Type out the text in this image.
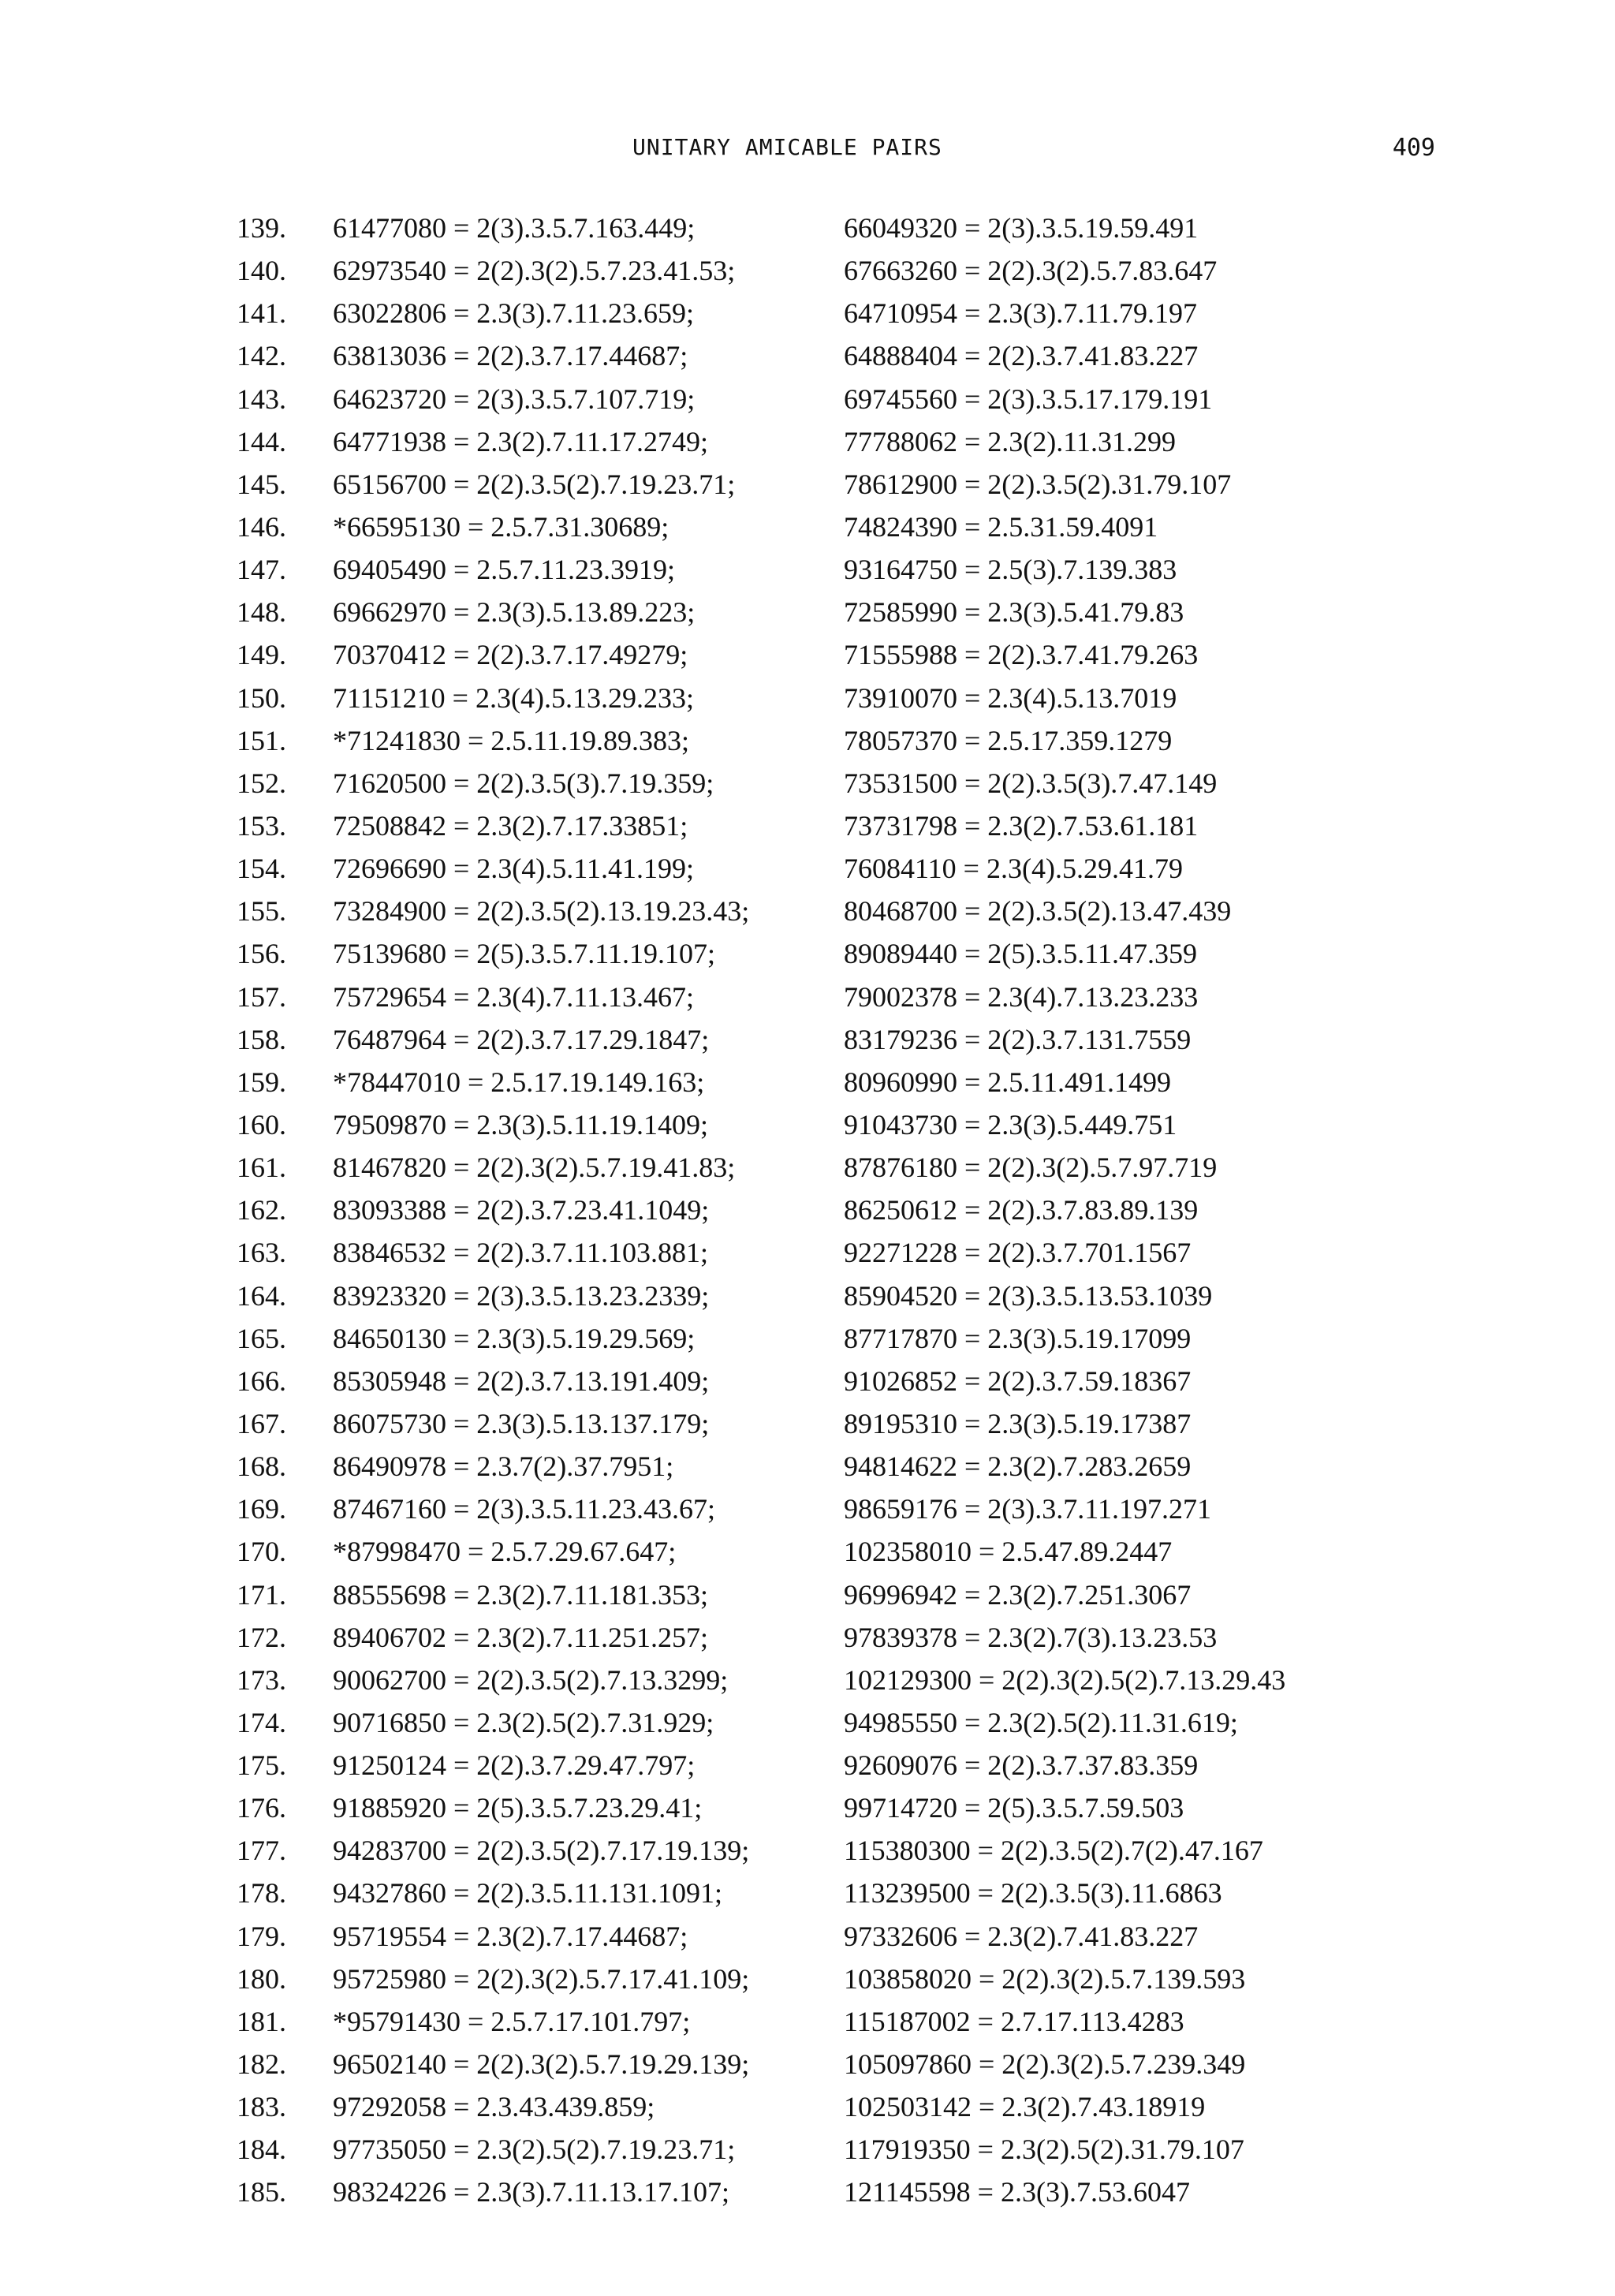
UNITARY AMICABLE PAIRS	409
139. 61477080 = 2(3).3.5.7.163.449;	66049320 = 2(3).3.5.19.59.491
140. 62973540 = 2(2).3(2).5.7.23.41.53;	67663260 = 2(2).3(2).5.7.83.647
141. 63022806 = 2.3(3).7.11.23.659;	64710954 = 2.3(3).7.11.79.197
142. 63813036 = 2(2).3.7.17.44687;	64888404 = 2(2).3.7.41.83.227
143. 64623720 = 2(3).3.5.7.107.719;	69745560 = 2(3).3.5.17.179.191
144. 64771938 = 2.3(2).7.11.17.2749;	77788062 = 2.3(2).11.31.299
145. 65156700 = 2(2).3.5(2).7.19.23.71;	78612900 = 2(2).3.5(2).31.79.107
146. *66595130 = 2.5.7.31.30689;	74824390 = 2.5.31.59.4091
147. 69405490 = 2.5.7.11.23.3919;	93164750 = 2.5(3).7.139.383
148. 69662970 = 2.3(3).5.13.89.223;	72585990 = 2.3(3).5.41.79.83
149. 70370412 = 2(2).3.7.17.49279;	71555988 = 2(2).3.7.41.79.263
150. 71151210 = 2.3(4).5.13.29.233;	73910070 = 2.3(4).5.13.7019
151. *71241830 = 2.5.11.19.89.383;	78057370 = 2.5.17.359.1279
152. 71620500 = 2(2).3.5(3).7.19.359;	73531500 = 2(2).3.5(3).7.47.149
153. 72508842 = 2.3(2).7.17.33851;	73731798 = 2.3(2).7.53.61.181
154. 72696690 = 2.3(4).5.11.41.199;	76084110 = 2.3(4).5.29.41.79
155. 73284900 = 2(2).3.5(2).13.19.23.43;	80468700 = 2(2).3.5(2).13.47.439
156. 75139680 = 2(5).3.5.7.11.19.107;	89089440 = 2(5).3.5.11.47.359
157. 75729654 = 2.3(4).7.11.13.467;	79002378 = 2.3(4).7.13.23.233
158. 76487964 = 2(2).3.7.17.29.1847;	83179236 = 2(2).3.7.131.7559
159. *78447010 = 2.5.17.19.149.163;	80960990 = 2.5.11.491.1499
160. 79509870 = 2.3(3).5.11.19.1409;	91043730 = 2.3(3).5.449.751
161. 81467820 = 2(2).3(2).5.7.19.41.83;	87876180 = 2(2).3(2).5.7.97.719
162. 83093388 = 2(2).3.7.23.41.1049;	86250612 = 2(2).3.7.83.89.139
163. 83846532 = 2(2).3.7.11.103.881;	92271228 = 2(2).3.7.701.1567
164. 83923320 = 2(3).3.5.13.23.2339;	85904520 = 2(3).3.5.13.53.1039
165. 84650130 = 2.3(3).5.19.29.569;	87717870 = 2.3(3).5.19.17099
166. 85305948 = 2(2).3.7.13.191.409;	91026852 = 2(2).3.7.59.18367
167. 86075730 = 2.3(3).5.13.137.179;	89195310 = 2.3(3).5.19.17387
168. 86490978 = 2.3.7(2).37.7951;	94814622 = 2.3(2).7.283.2659
169. 87467160 = 2(3).3.5.11.23.43.67;	98659176 = 2(3).3.7.11.197.271
170. *87998470 = 2.5.7.29.67.647;	102358010 = 2.5.47.89.2447
171. 88555698 = 2.3(2).7.11.181.353;	96996942 = 2.3(2).7.251.3067
172. 89406702 = 2.3(2).7.11.251.257;	97839378 = 2.3(2).7(3).13.23.53
173. 90062700 = 2(2).3.5(2).7.13.3299;	102129300 = 2(2).3(2).5(2).7.13.29.43
174. 90716850 = 2.3(2).5(2).7.31.929;	94985550 = 2.3(2).5(2).11.31.619;
175. 91250124 = 2(2).3.7.29.47.797;	92609076 = 2(2).3.7.37.83.359
176. 91885920 = 2(5).3.5.7.23.29.41;	99714720 = 2(5).3.5.7.59.503
177. 94283700 = 2(2).3.5(2).7.17.19.139;	115380300 = 2(2).3.5(2).7(2).47.167
178. 94327860 = 2(2).3.5.11.131.1091;	113239500 = 2(2).3.5(3).11.6863
179. 95719554 = 2.3(2).7.17.44687;	97332606 = 2.3(2).7.41.83.227
180. 95725980 = 2(2).3(2).5.7.17.41.109;	103858020 = 2(2).3(2).5.7.139.593
181. *95791430 = 2.5.7.17.101.797;	115187002 = 2.7.17.113.4283
182. 96502140 = 2(2).3(2).5.7.19.29.139;	105097860 = 2(2).3(2).5.7.239.349
183. 97292058 = 2.3.43.439.859;	102503142 = 2.3(2).7.43.18919
184. 97735050 = 2.3(2).5(2).7.19.23.71;	117919350 = 2.3(2).5(2).31.79.107
185. 98324226 = 2.3(3).7.11.13.17.107;	121145598 = 2.3(3).7.53.6047
